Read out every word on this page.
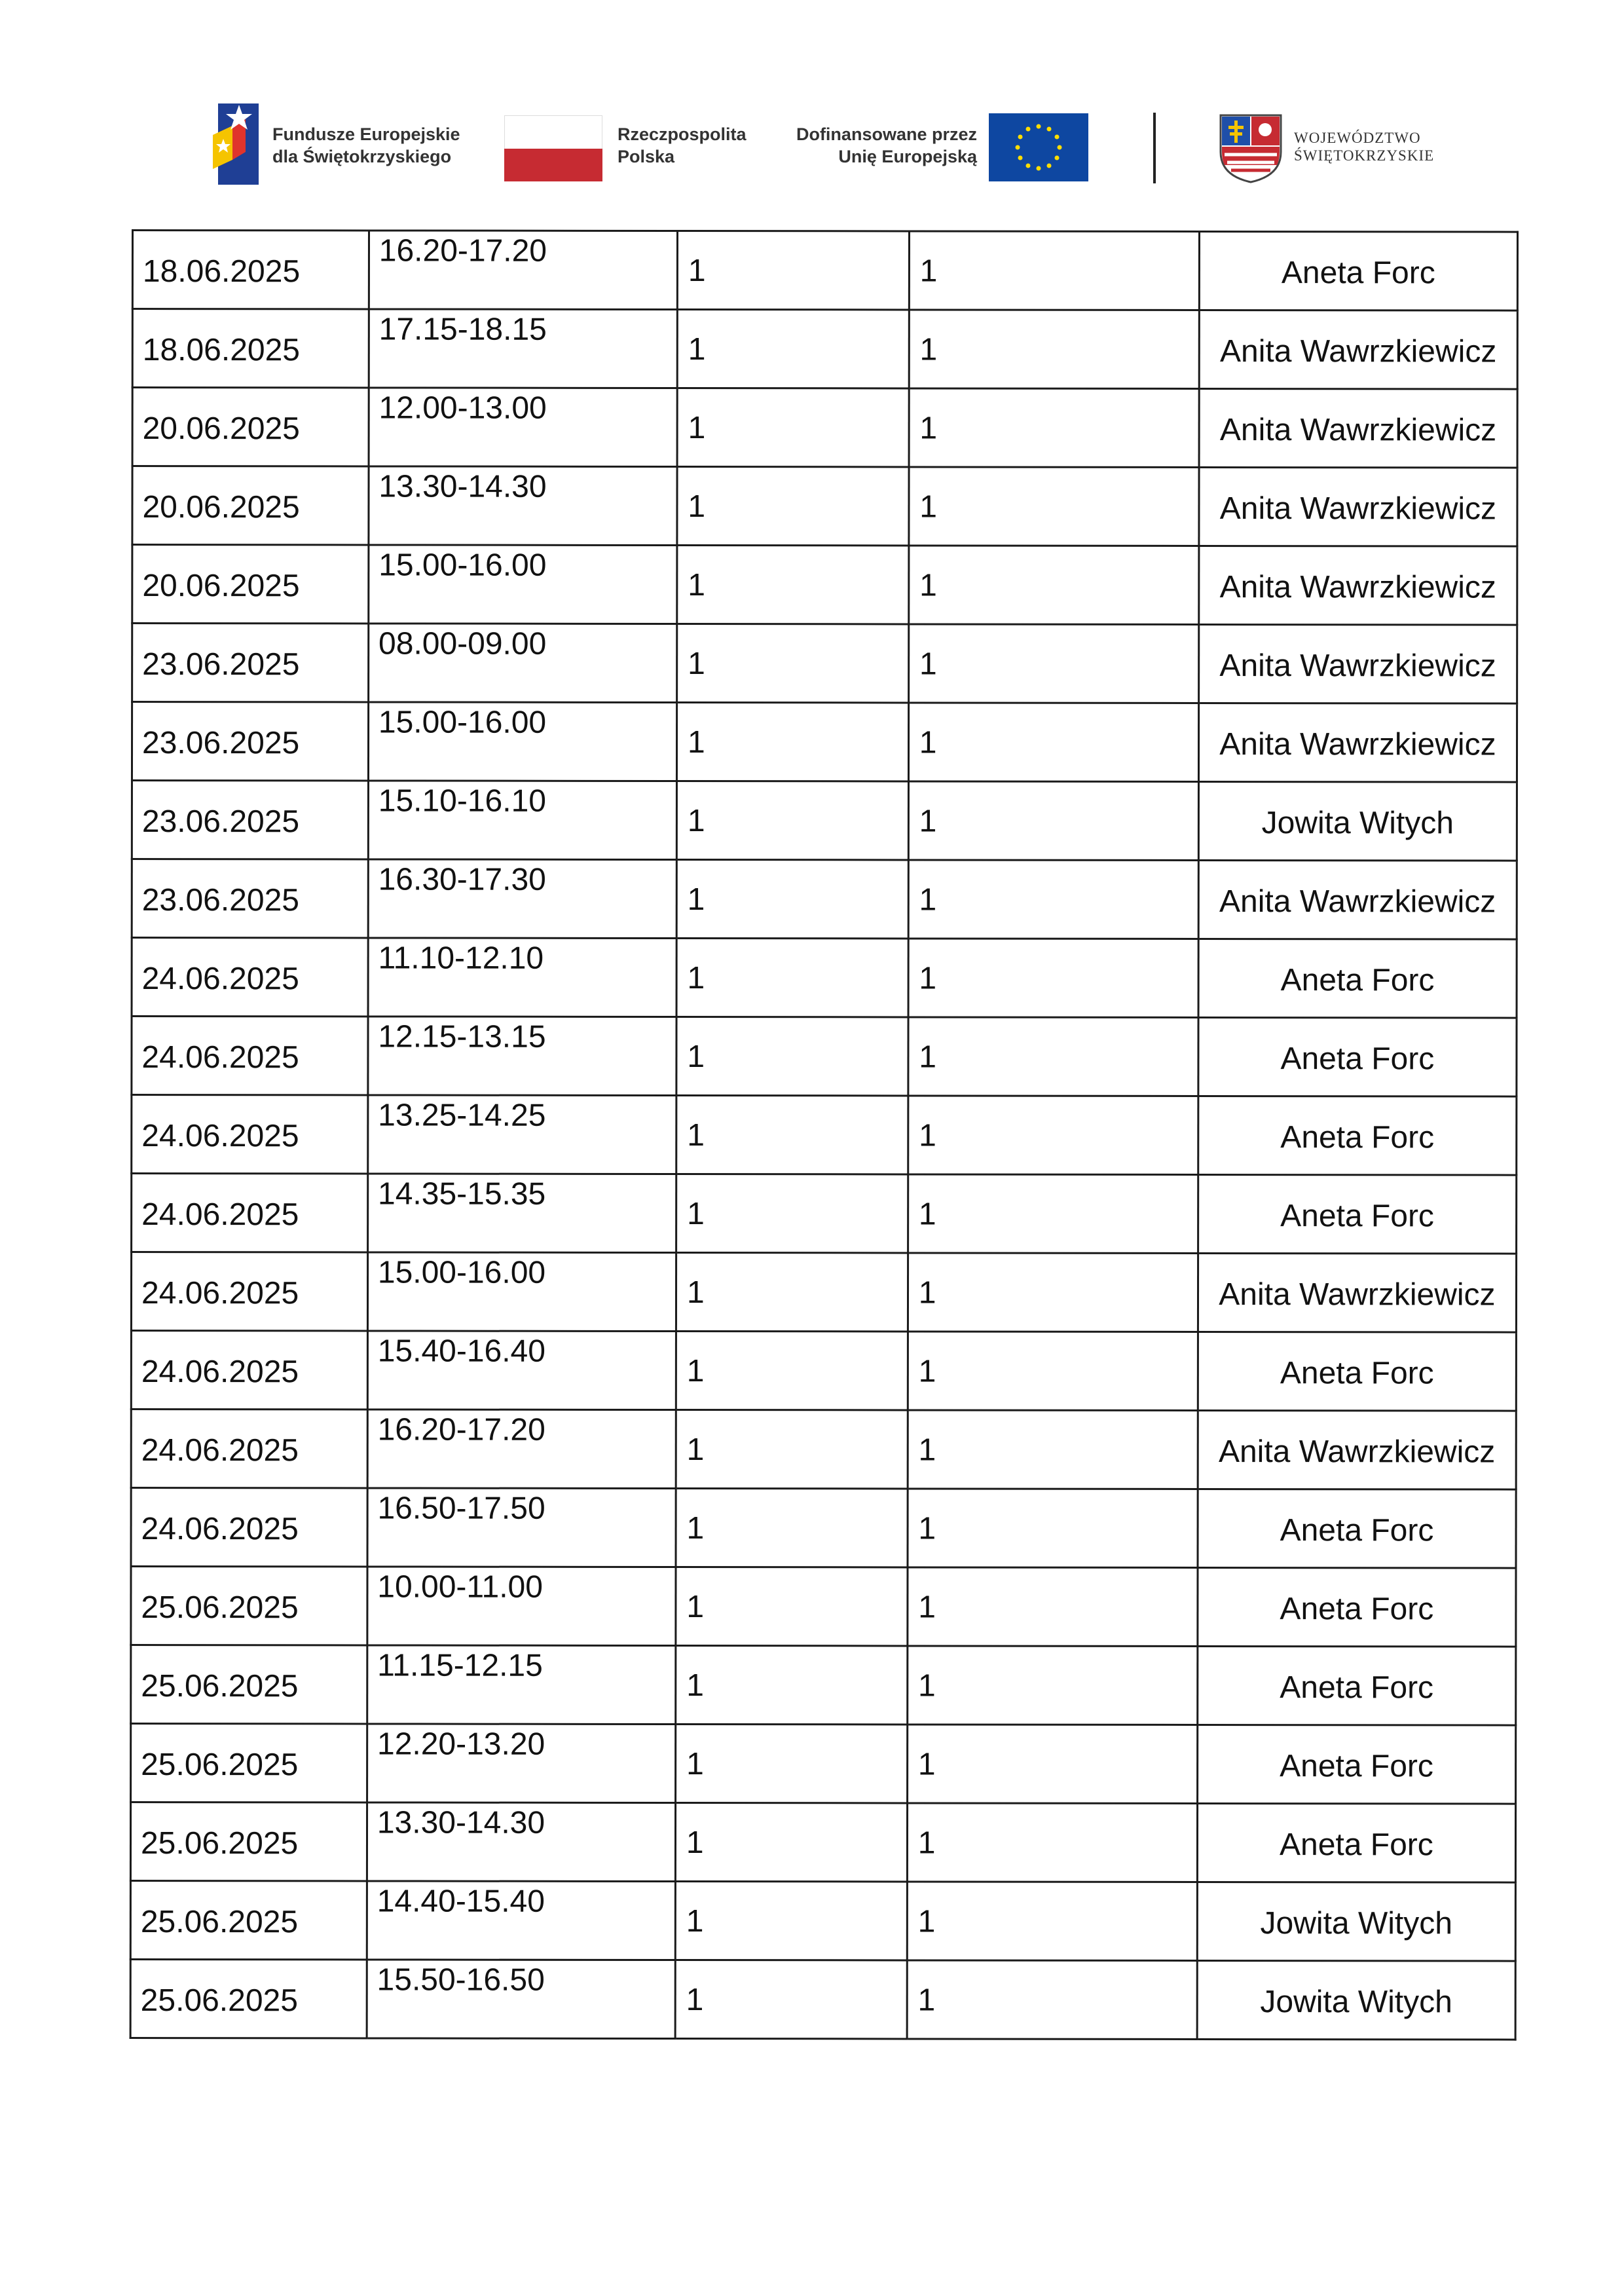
Fundusze Europejskie
dla Świętokrzyskiego
Rzeczpospolita
Polska
Dofinansowane przez
Unię Europejską
WOJEWÓDZTWO
ŚWIĘTOKRZYSKIE
18.06.2025	16.20-17.20	1	1	Aneta Forc

18.06.2025	17.15-18.15	1	1	Anita Wawrzkiewicz

20.06.2025	12.00-13.00	1	1	Anita Wawrzkiewicz

20.06.2025	13.30-14.30	1	1	Anita Wawrzkiewicz

20.06.2025	15.00-16.00	1	1	Anita Wawrzkiewicz

23.06.2025	08.00-09.00	1	1	Anita Wawrzkiewicz

23.06.2025	15.00-16.00	1	1	Anita Wawrzkiewicz

23.06.2025	15.10-16.10	1	1	Jowita Witych

23.06.2025	16.30-17.30	1	1	Anita Wawrzkiewicz

24.06.2025	11.10-12.10	1	1	Aneta Forc

24.06.2025	12.15-13.15	1	1	Aneta Forc

24.06.2025	13.25-14.25	1	1	Aneta Forc

24.06.2025	14.35-15.35	1	1	Aneta Forc

24.06.2025	15.00-16.00	1	1	Anita Wawrzkiewicz

24.06.2025	15.40-16.40	1	1	Aneta Forc

24.06.2025	16.20-17.20	1	1	Anita Wawrzkiewicz

24.06.2025	16.50-17.50	1	1	Aneta Forc

25.06.2025	10.00-11.00	1	1	Aneta Forc

25.06.2025	11.15-12.15	1	1	Aneta Forc

25.06.2025	12.20-13.20	1	1	Aneta Forc

25.06.2025	13.30-14.30	1	1	Aneta Forc

25.06.2025	14.40-15.40	1	1	Jowita Witych

25.06.2025	15.50-16.50	1	1	Jowita Witych
